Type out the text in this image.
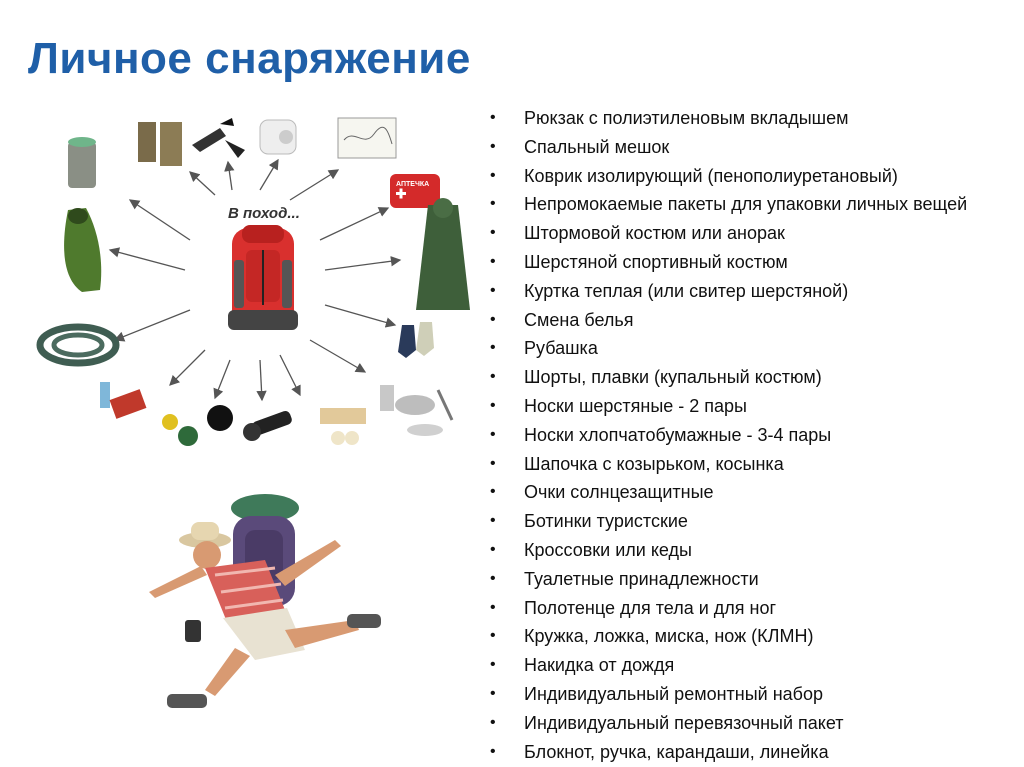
Личное снаряжение
В поход...
АПТЕЧКА
• Рюкзак с полиэтиленовым вкладышем
• Спальный мешок
• Коврик изолирующий (пенополиуретановый)
• Непромокаемые пакеты для упаковки личных вещей
• Штормовой костюм или анорак
• Шерстяной спортивный костюм
• Куртка теплая (или свитер шерстяной)
• Смена белья
• Рубашка
• Шорты, плавки (купальный костюм)
• Носки шерстяные - 2 пары
• Носки хлопчатобумажные - 3-4 пары
• Шапочка с козырьком, косынка
• Очки солнцезащитные
• Ботинки туристские
• Кроссовки или кеды
• Туалетные принадлежности
• Полотенце для тела и для ног
• Кружка, ложка, миска, нож (КЛМН)
• Накидка от дождя
• Индивидуальный ремонтный набор
• Индивидуальный перевязочный пакет
• Блокнот, ручка, карандаши, линейка
